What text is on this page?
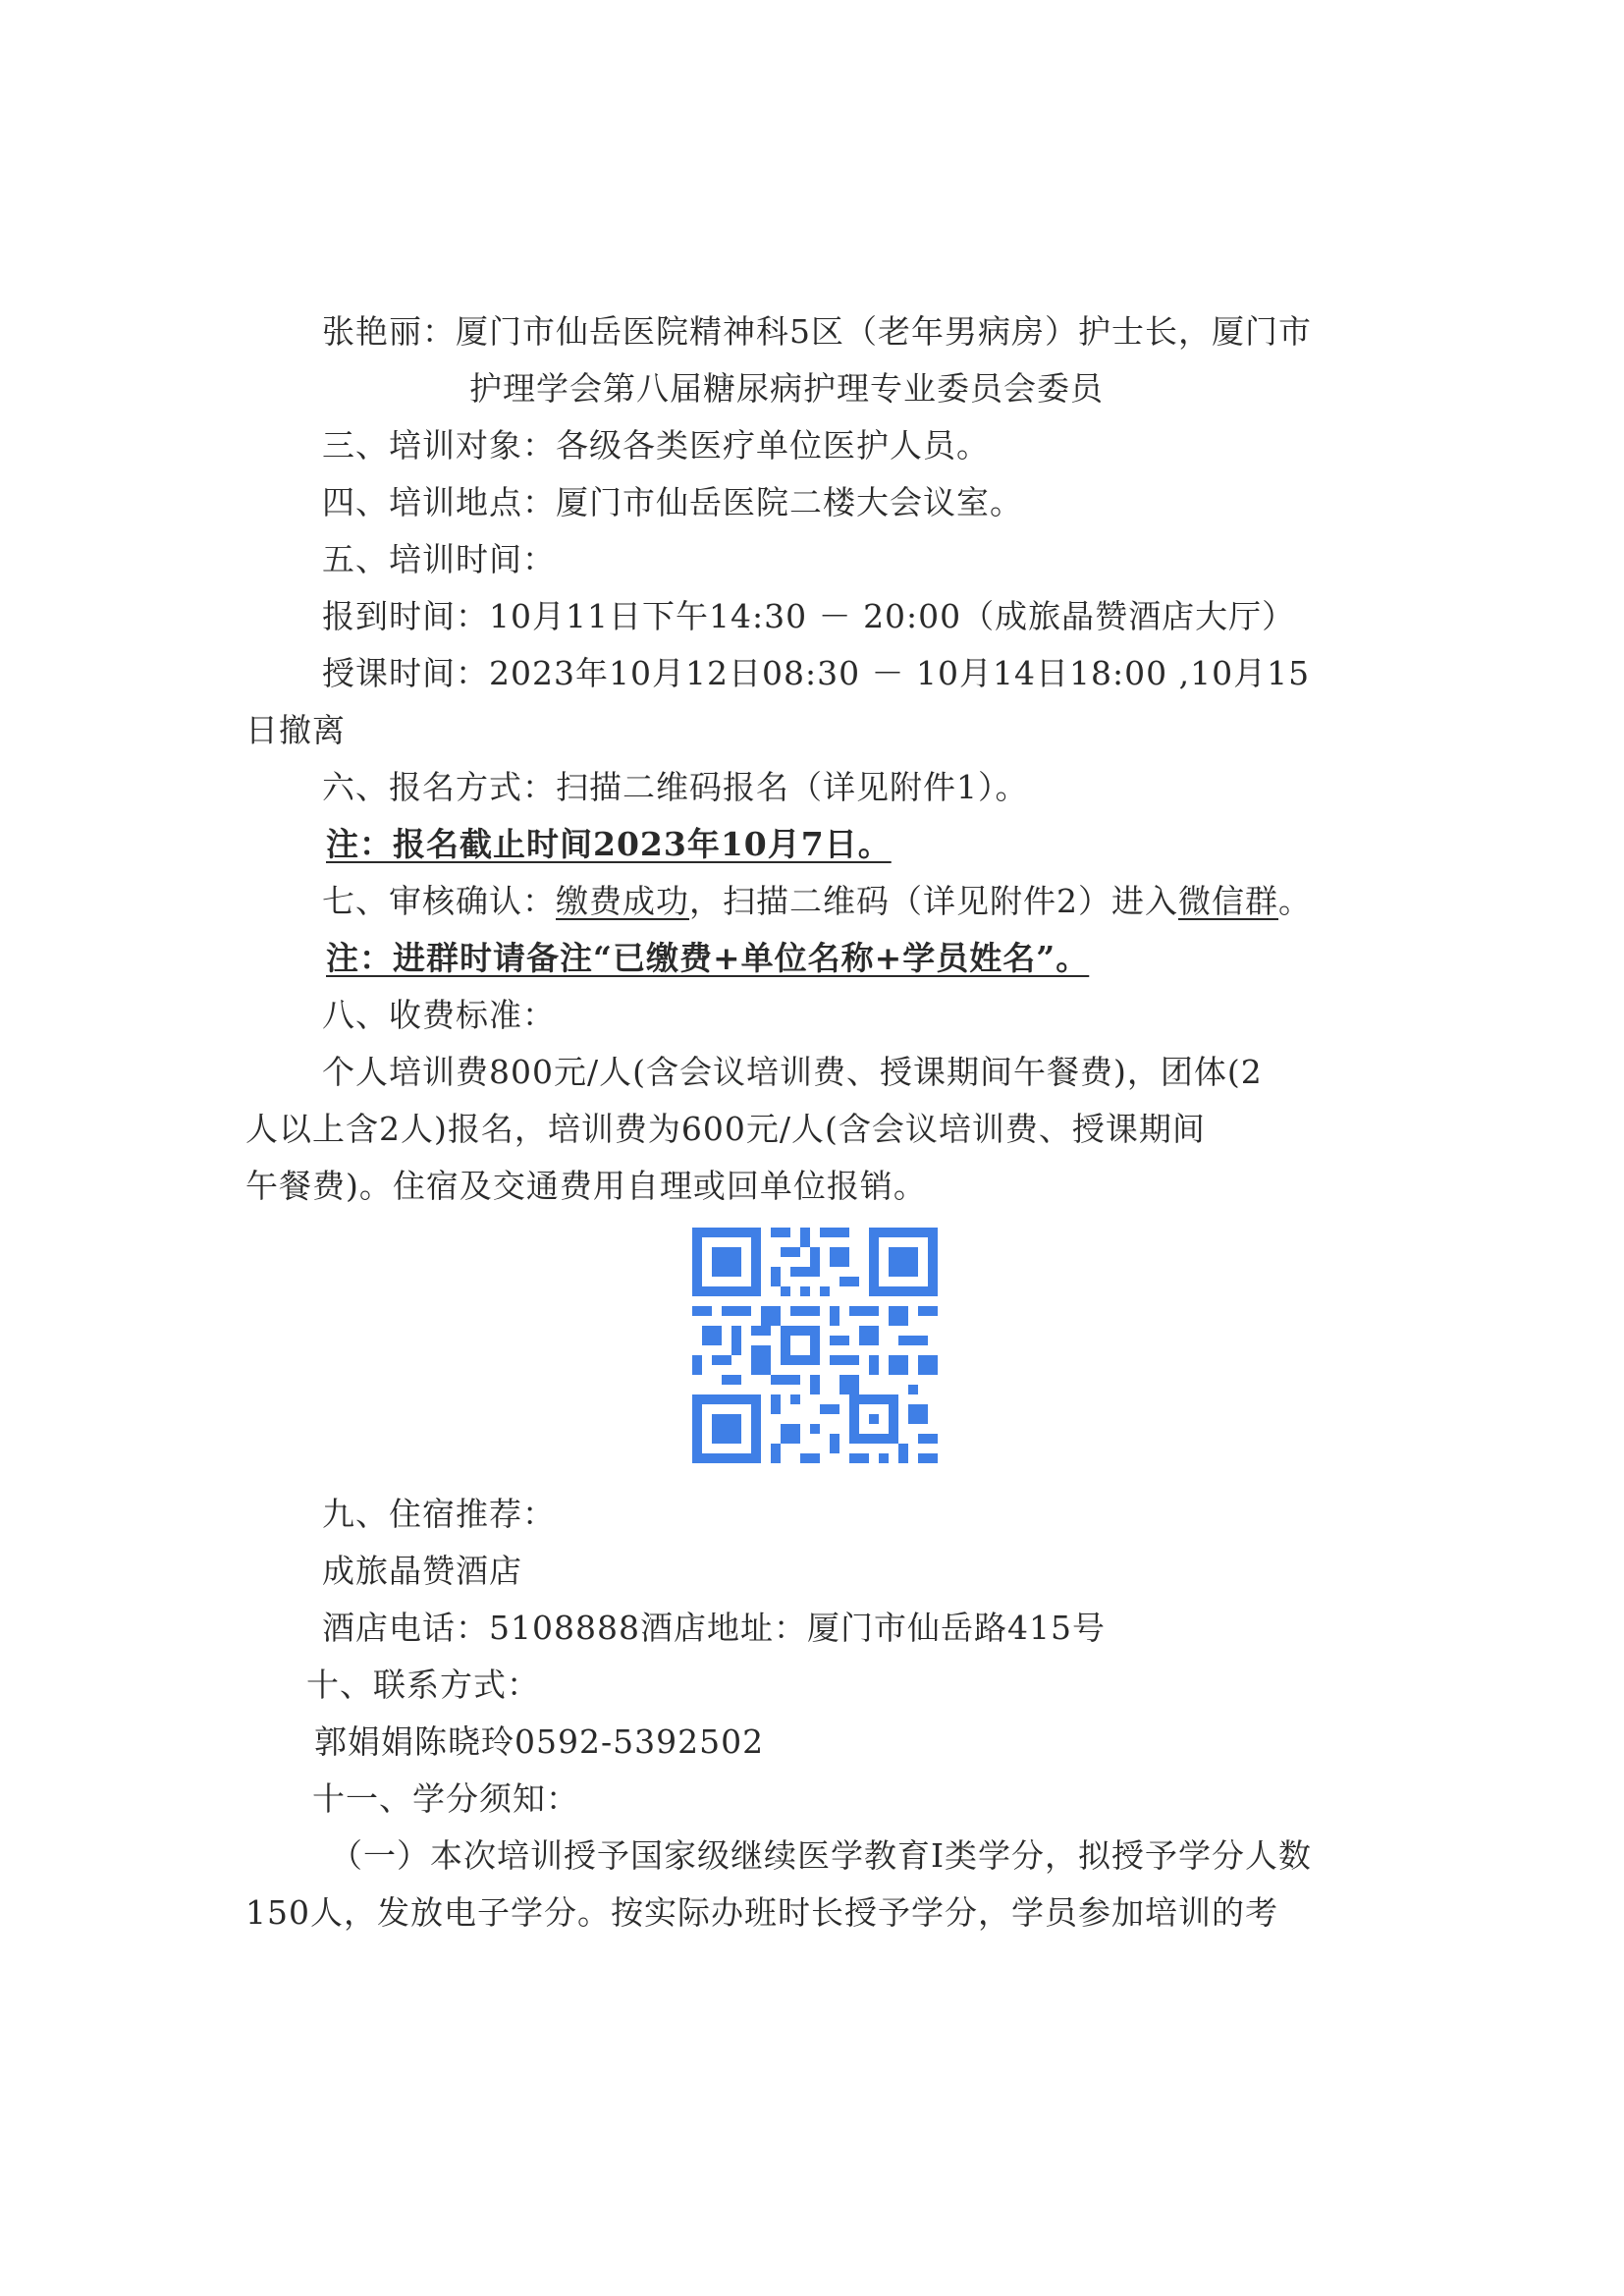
张艳丽：厦门市仙岳医院精神科5区（老年男病房）护士长，厦门市
护理学会第八届糖尿病护理专业委员会委员
三、培训对象：各级各类医疗单位医护人员。
四、培训地点：厦门市仙岳医院二楼大会议室。
五、培训时间：
报到时间：10月11日下午14:30 － 20:00（成旅晶赞酒店大厅）
授课时间：2023年10月12日08:30 － 10月14日18:00 ,10月15
日撤离
六、报名方式：扫描二维码报名（详见附件1）。
注：报名截止时间2023年10月7日。
七、审核确认：缴费成功，扫描二维码（详见附件2）进入微信群。
注：进群时请备注“已缴费+单位名称+学员姓名”。
八、收费标准：
个人培训费800元/人(含会议培训费、授课期间午餐费)，团体(2
人以上含2人)报名，培训费为600元/人(含会议培训费、授课期间
午餐费)。住宿及交通费用自理或回单位报销。
九、住宿推荐：
成旅晶赞酒店
酒店电话：5108888酒店地址：厦门市仙岳路415号
十、联系方式：
郭娟娟陈晓玲0592-5392502
十一、学分须知：
（一）本次培训授予国家级继续医学教育Ⅰ类学分，拟授予学分人数
150人，发放电子学分。按实际办班时长授予学分，学员参加培训的考
